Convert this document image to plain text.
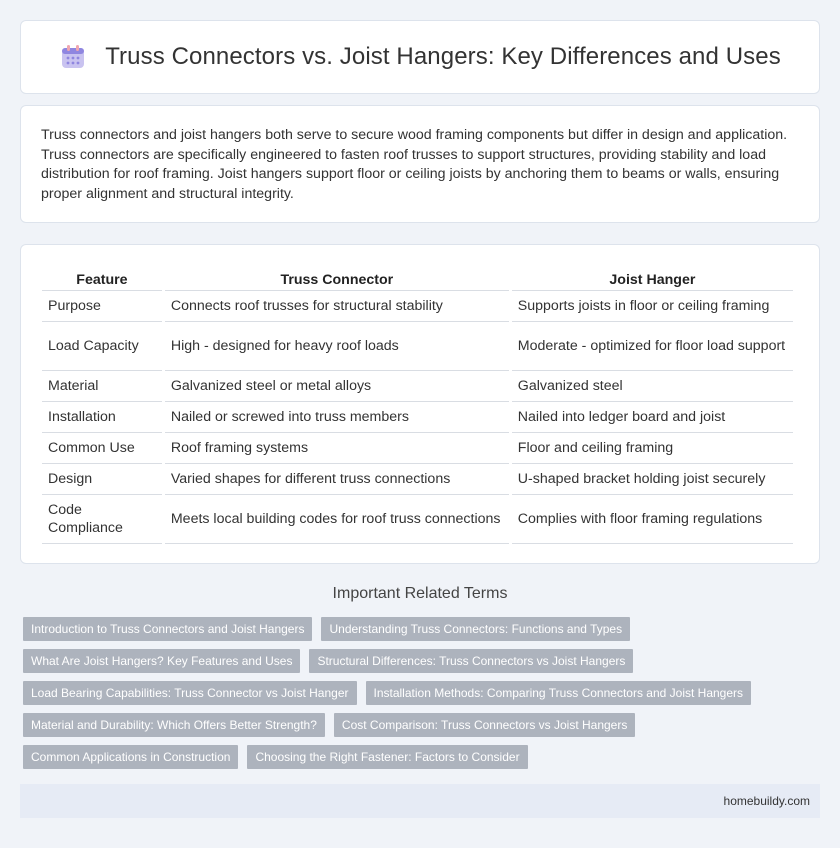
Truss Connectors vs. Joist Hangers: Key Differences and Uses

Truss connectors and joist hangers both serve to secure wood framing components but differ in design and application. Truss connectors are specifically engineered to fasten roof trusses to support structures, providing stability and load distribution for roof framing. Joist hangers support floor or ceiling joists by anchoring them to beams or walls, ensuring proper alignment and structural integrity.

Feature	Truss Connector	Joist Hanger
Purpose	Connects roof trusses for structural stability	Supports joists in floor or ceiling framing
Load Capacity	High - designed for heavy roof loads	Moderate - optimized for floor load support
Material	Galvanized steel or metal alloys	Galvanized steel
Installation	Nailed or screwed into truss members	Nailed into ledger board and joist
Common Use	Roof framing systems	Floor and ceiling framing
Design	Varied shapes for different truss connections	U-shaped bracket holding joist securely
Code Compliance	Meets local building codes for roof truss connections	Complies with floor framing regulations
Important Related Terms
Introduction to Truss Connectors and Joist Hangers	Understanding Truss Connectors: Functions and Types
What Are Joist Hangers? Key Features and Uses	Structural Differences: Truss Connectors vs Joist Hangers
Load Bearing Capabilities: Truss Connector vs Joist Hanger	Installation Methods: Comparing Truss Connectors and Joist Hangers
Material and Durability: Which Offers Better Strength?	Cost Comparison: Truss Connectors vs Joist Hangers
Common Applications in Construction	Choosing the Right Fastener: Factors to Consider
homebuildy.com
